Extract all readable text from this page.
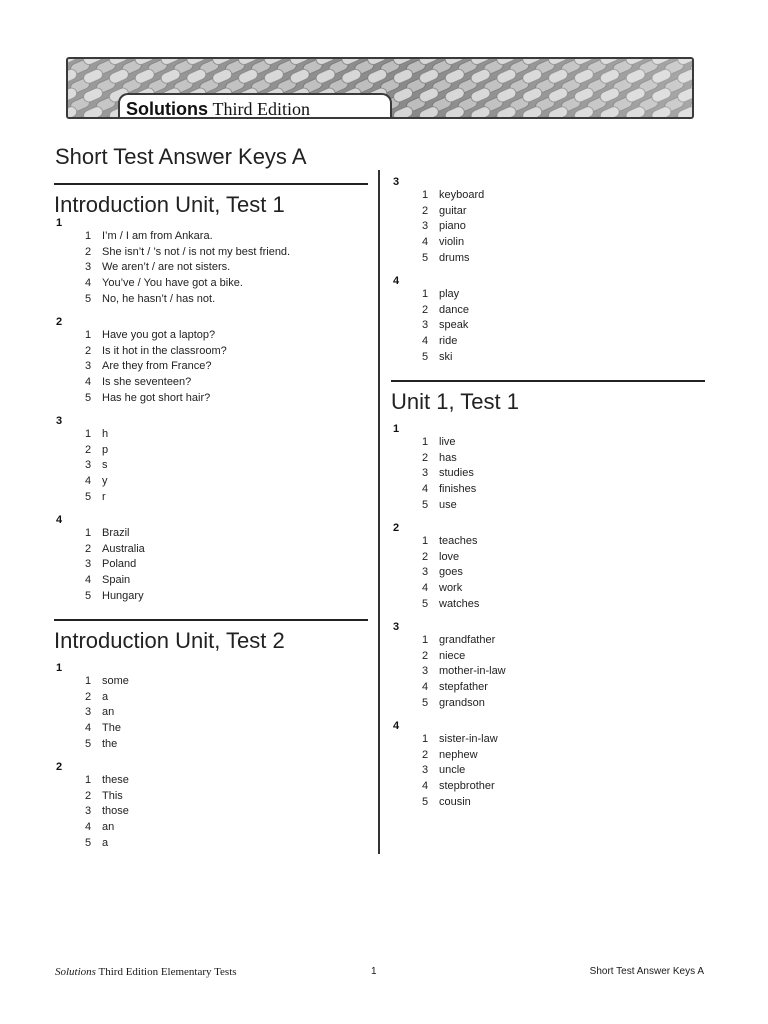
Solutions Third Edition
Short Test Answer Keys A
Introduction Unit, Test 1
Introduction Unit, Test 2
Unit 1, Test 1
1
1 I’m / I am from Ankara.
2 She isn’t / ’s not / is not my best friend.
3 We aren’t / are not sisters.
4 You’ve / You have got a bike.
5 No, he hasn’t / has not.
2
1 Have you got a laptop?
2 Is it hot in the classroom?
3 Are they from France?
4 Is she seventeen?
5 Has he got short hair?
3
1 h
2 p
3 s
4 y
5 r
4
1 Brazil
2 Australia
3 Poland
4 Spain
5 Hungary
1
1 some
2 a
3 an
4 The
5 the
2
1 these
2 This
3 those
4 an
5 a
3
1 keyboard
2 guitar
3 piano
4 violin
5 drums
4
1 play
2 dance
3 speak
4 ride
5 ski
1
1 live
2 has
3 studies
4 finishes
5 use
2
1 teaches
2 love
3 goes
4 work
5 watches
3
1 grandfather
2 niece
3 mother-in-law
4 stepfather
5 grandson
4
1 sister-in-law
2 nephew
3 uncle
4 stepbrother
5 cousin
Solutions Third Edition Elementary Tests	1	Short Test Answer Keys A
